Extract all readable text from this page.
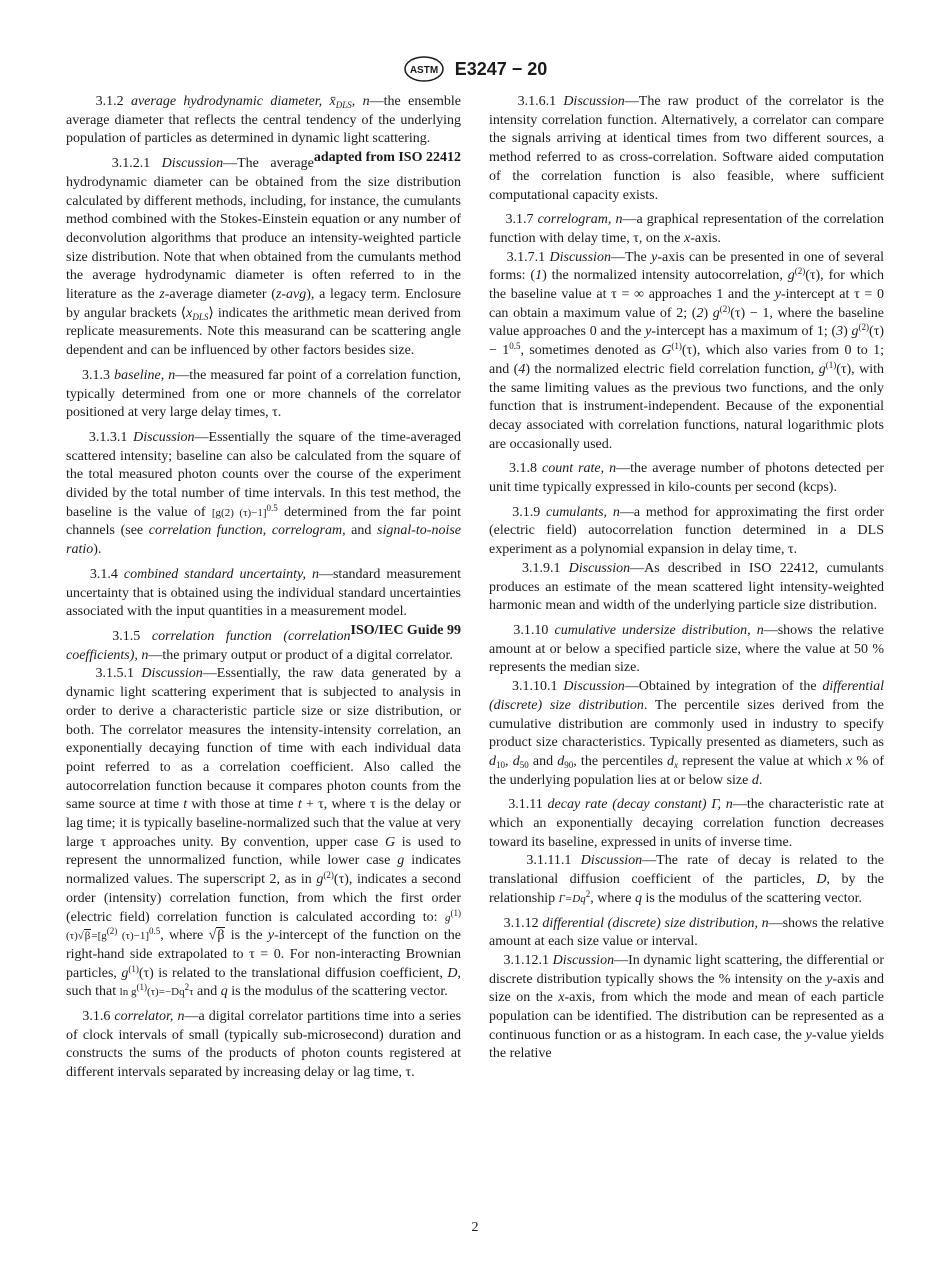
ASTM E3247 − 20

3.1.2 average hydrodynamic diameter, $x̄_{DLS}$, n—the ensemble average diameter that reflects the central tendency of the underlying population of particles as determined in dynamic light scattering.
adapted from ISO 22412

3.1.2.1 Discussion—The average hydrodynamic diameter can be obtained from the size distribution calculated by different methods, including, for instance, the cumulants method combined with the Stokes-Einstein equation or any number of deconvolution algorithms that produce an intensity-weighted particle size distribution. Note that when obtained from the cumulants method the average hydrodynamic diameter is often referred to in the literature as the z-average diameter (z-avg), a legacy term. Enclosure by angular brackets $⟨x_{DLS}⟩$ indicates the arithmetic mean derived from replicate measurements. Note this measurand can be scattering angle dependent and can be influenced by other factors besides size.

3.1.3 baseline, n—the measured far point of a correlation function, typically determined from one or more channels of the correlator positioned at very large delay times, τ.

3.1.3.1 Discussion—Essentially the square of the time-averaged scattered intensity; baseline can also be calculated from the square of the total measured photon counts over the course of the experiment divided by the total number of time intervals. In this test method, the baseline is the value of [g(2) (τ)−1]$^{0.5}$ determined from the far point channels (see correlation function, correlogram, and signal-to-noise ratio).

3.1.4 combined standard uncertainty, n—standard measurement uncertainty that is obtained using the individual standard uncertainties associated with the input quantities in a measurement model.
ISO/IEC Guide 99

3.1.5 correlation function (correlation coefficients), n—the primary output or product of a digital correlator.

3.1.5.1 Discussion—Essentially, the raw data generated by a dynamic light scattering experiment that is subjected to analysis in order to derive a characteristic particle size or size distribution, or both. The correlator measures the intensity-intensity correlation, an exponentially decaying function of time with each individual data point referred to as a correlation coefficient. Also called the autocorrelation function because it compares photon counts from the same source at time t with those at time t + τ, where τ is the delay or lag time; it is typically baseline-normalized such that the value at very large τ approaches unity. By convention, upper case G is used to represent the unnormalized function, while lower case g indicates normalized values. The superscript 2, as in $g^{(2)}(\tau)$, indicates a second order (intensity) correlation function, from which the first order (electric field) correlation function is calculated according to: $g^{(1)}(\tau)√\beta=[g^{(2)}$ (τ)−1]$^{0.5}$, where √β is the y-intercept of the function on the right-hand side extrapolated to τ = 0. For non-interacting Brownian particles, $g^{(1)}(\tau)$ is related to the translational diffusion coefficient, D, such that $\ln g^{(1)}(\tau)=-Dq^2\tau$ and q is the modulus of the scattering vector.

3.1.6 correlator, n—a digital correlator partitions time into a series of clock intervals of small (typically sub-microsecond) duration and constructs the sums of the products of photon counts registered at different intervals separated by increasing delay or lag time, τ.

3.1.6.1 Discussion—The raw product of the correlator is the intensity correlation function. Alternatively, a correlator can compare the signals arriving at identical times from two different sources, a method referred to as cross-correlation. Software aided computation of the correlation function is also feasible, where sufficient computational capacity exists.

3.1.7 correlogram, n—a graphical representation of the correlation function with delay time, τ, on the x-axis.

3.1.7.1 Discussion—The y-axis can be presented in one of several forms: (1) the normalized intensity autocorrelation, $g^{(2)}(\tau)$, for which the baseline value at τ = ∞ approaches 1 and the y-intercept at τ = 0 can obtain a maximum value of 2; (2) $g^{(2)}(\tau) - 1$, where the baseline value approaches 0 and the y-intercept has a maximum of 1; (3) $g^{(2)}(\tau) - 1^{0.5}$, sometimes denoted as $G^{(1)}(\tau)$, which also varies from 0 to 1; and (4) the normalized electric field correlation function, $g^{(1)}(\tau)$, with the same limiting values as the previous two functions, and the only function that is instrument-independent. Because of the exponential decay associated with correlation functions, natural logarithmic plots are occasionally used.

3.1.8 count rate, n—the average number of photons detected per unit time typically expressed in kilo-counts per second (kcps).

3.1.9 cumulants, n—a method for approximating the first order (electric field) autocorrelation function determined in a DLS experiment as a polynomial expansion in delay time, τ.

3.1.9.1 Discussion—As described in ISO 22412, cumulants produces an estimate of the mean scattered light intensity-weighted harmonic mean and width of the underlying particle size distribution.

3.1.10 cumulative undersize distribution, n—shows the relative amount at or below a specified particle size, where the value at 50 % represents the median size.

3.1.10.1 Discussion—Obtained by integration of the differential (discrete) size distribution. The percentile sizes derived from the cumulative distribution are commonly used in industry to specify product size characteristics. Typically presented as diameters, such as $d_{10}$, $d_{50}$ and $d_{90}$, the percentiles $d_x$ represent the value at which x % of the underlying population lies at or below size d.

3.1.11 decay rate (decay constant) Γ, n—the characteristic rate at which an exponentially decaying correlation function decreases toward its baseline, expressed in units of inverse time.

3.1.11.1 Discussion—The rate of decay is related to the translational diffusion coefficient of the particles, D, by the relationship $\Gamma=Dq^2$, where q is the modulus of the scattering vector.

3.1.12 differential (discrete) size distribution, n—shows the relative amount at each size value or interval.

3.1.12.1 Discussion—In dynamic light scattering, the differential or discrete distribution typically shows the % intensity on the y-axis and size on the x-axis, from which the mode and mean of each particle population can be identified. The distribution can be represented as a continuous function or as a histogram. In each case, the y-value yields the relative

2
